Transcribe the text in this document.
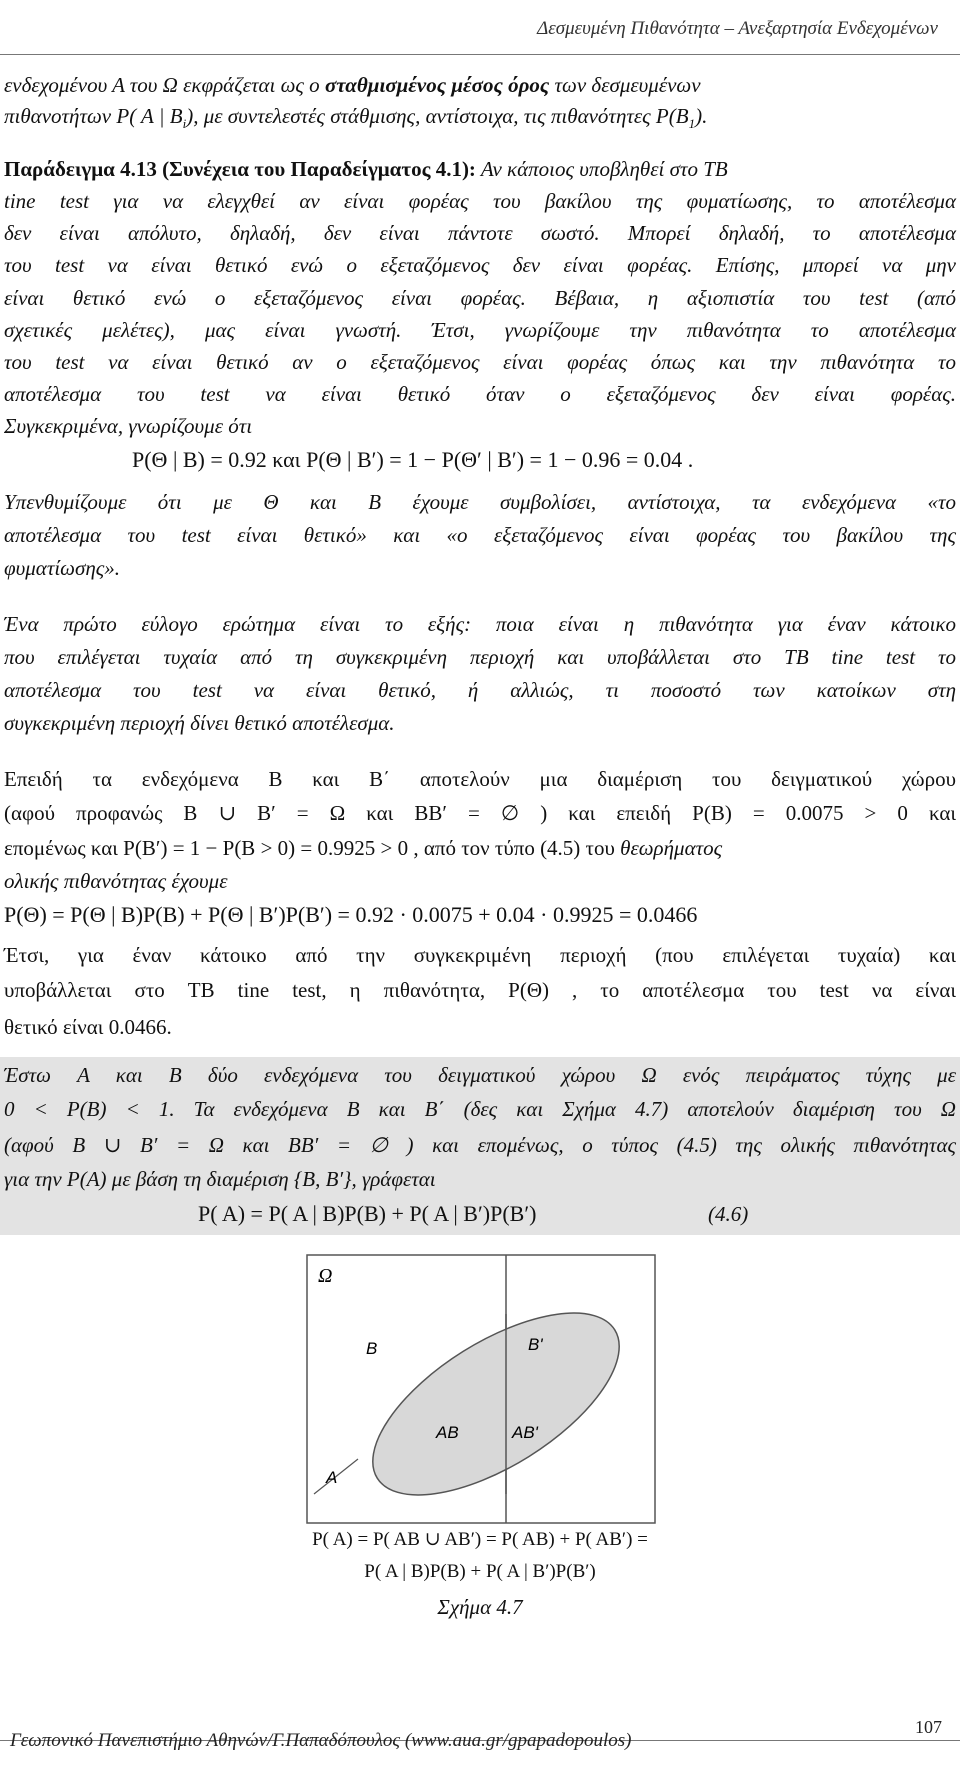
Δεσμευμένη Πιθανότητα – Ανεξαρτησία Ενδεχομένων
ενδεχομένου Α του Ω εκφράζεται ως ο σταθμισμένος μέσος όρος των δεσμευμένων
πιθανοτήτων P( A | $B_i$), με συντελεστές στάθμισης, αντίστοιχα, τις πιθανότητες $P(B_1)$.
Παράδειγμα 4.13 (Συνέχεια του Παραδείγματος 4.1): Αν κάποιος υποβληθεί στο TB
tine test για να ελεγχθεί αν είναι φορέας του βακίλου της φυματίωσης, το αποτέλεσμα
δεν είναι απόλυτο, δηλαδή, δεν είναι πάντοτε σωστό. Μπορεί δηλαδή, το αποτέλεσμα
του test να είναι θετικό ενώ ο εξεταζόμενος δεν είναι φορέας. Επίσης, μπορεί να μην
είναι θετικό ενώ ο εξεταζόμενος είναι φορέας. Βέβαια, η αξιοπιστία του test (από
σχετικές μελέτες), μας είναι γνωστή. Έτσι, γνωρίζουμε την πιθανότητα το αποτέλεσμα
του test να είναι θετικό αν ο εξεταζόμενος είναι φορέας όπως και την πιθανότητα το
αποτέλεσμα του test να είναι θετικό όταν ο εξεταζόμενος δεν είναι φορέας.
Συγκεκριμένα, γνωρίζουμε ότι
P(Θ | B) = 0.92 και P(Θ | B′) = 1 − P(Θ′ | B′) = 1 − 0.96 = 0.04 .
Υπενθυμίζουμε ότι με Θ και Β έχουμε συμβολίσει, αντίστοιχα, τα ενδεχόμενα «το
αποτέλεσμα του test είναι θετικό» και «ο εξεταζόμενος είναι φορέας του βακίλου της
φυματίωσης».
Ένα πρώτο εύλογο ερώτημα είναι το εξής: ποια είναι η πιθανότητα για έναν κάτοικο
που επιλέγεται τυχαία από τη συγκεκριμένη περιοχή και υποβάλλεται στο TB tine test το
αποτέλεσμα του test να είναι θετικό, ή αλλιώς, τι ποσοστό των κατοίκων στη
συγκεκριμένη περιοχή δίνει θετικό αποτέλεσμα.
Επειδή τα ενδεχόμενα B και B΄ αποτελούν μια διαμέριση του δειγματικού χώρου
(αφού προφανώς B ∪ B′ = Ω και BB′ = ∅ ) και επειδή P(B) = 0.0075 > 0 και
επομένως και P(B′) = 1 − P(B > 0) = 0.9925 > 0 , από τον τύπο (4.5) του θεωρήματος
ολικής πιθανότητας έχουμε
P(Θ) = P(Θ | B)P(B) + P(Θ | B′)P(B′) = 0.92 · 0.0075 + 0.04 · 0.9925 = 0.0466
Έτσι, για έναν κάτοικο από την συγκεκριμένη περιοχή (που επιλέγεται τυχαία) και
υποβάλλεται στο TB tine test, η πιθανότητα, P(Θ) , το αποτέλεσμα του test να είναι
θετικό είναι 0.0466.
Έστω A και B δύο ενδεχόμενα του δειγματικού χώρου Ω ενός πειράματος τύχης με
0 < P(B) < 1. Τα ενδεχόμενα Β και Β΄ (δες και Σχήμα 4.7) αποτελούν διαμέριση του Ω
(αφού B ∪ B′ = Ω και BB′ = ∅ ) και επομένως, ο τύπος (4.5) της ολικής πιθανότητας
για την P(A) με βάση τη διαμέριση {B, B′}, γράφεται
P( A) = P( A | B)P(B) + P( A | B′)P(B′)	(4.6)
Ω
B	B'
AB	AB'
A
P( A) = P( AB ∪ AB′) = P( AB) + P( AB′) =
P( A | B)P(B) + P( A | B′)P(B′)
Σχήμα 4.7
107
Γεωπονικό Πανεπιστήμιο Αθηνών/Γ.Παπαδόπουλος (www.aua.gr/gpapadopoulos)
